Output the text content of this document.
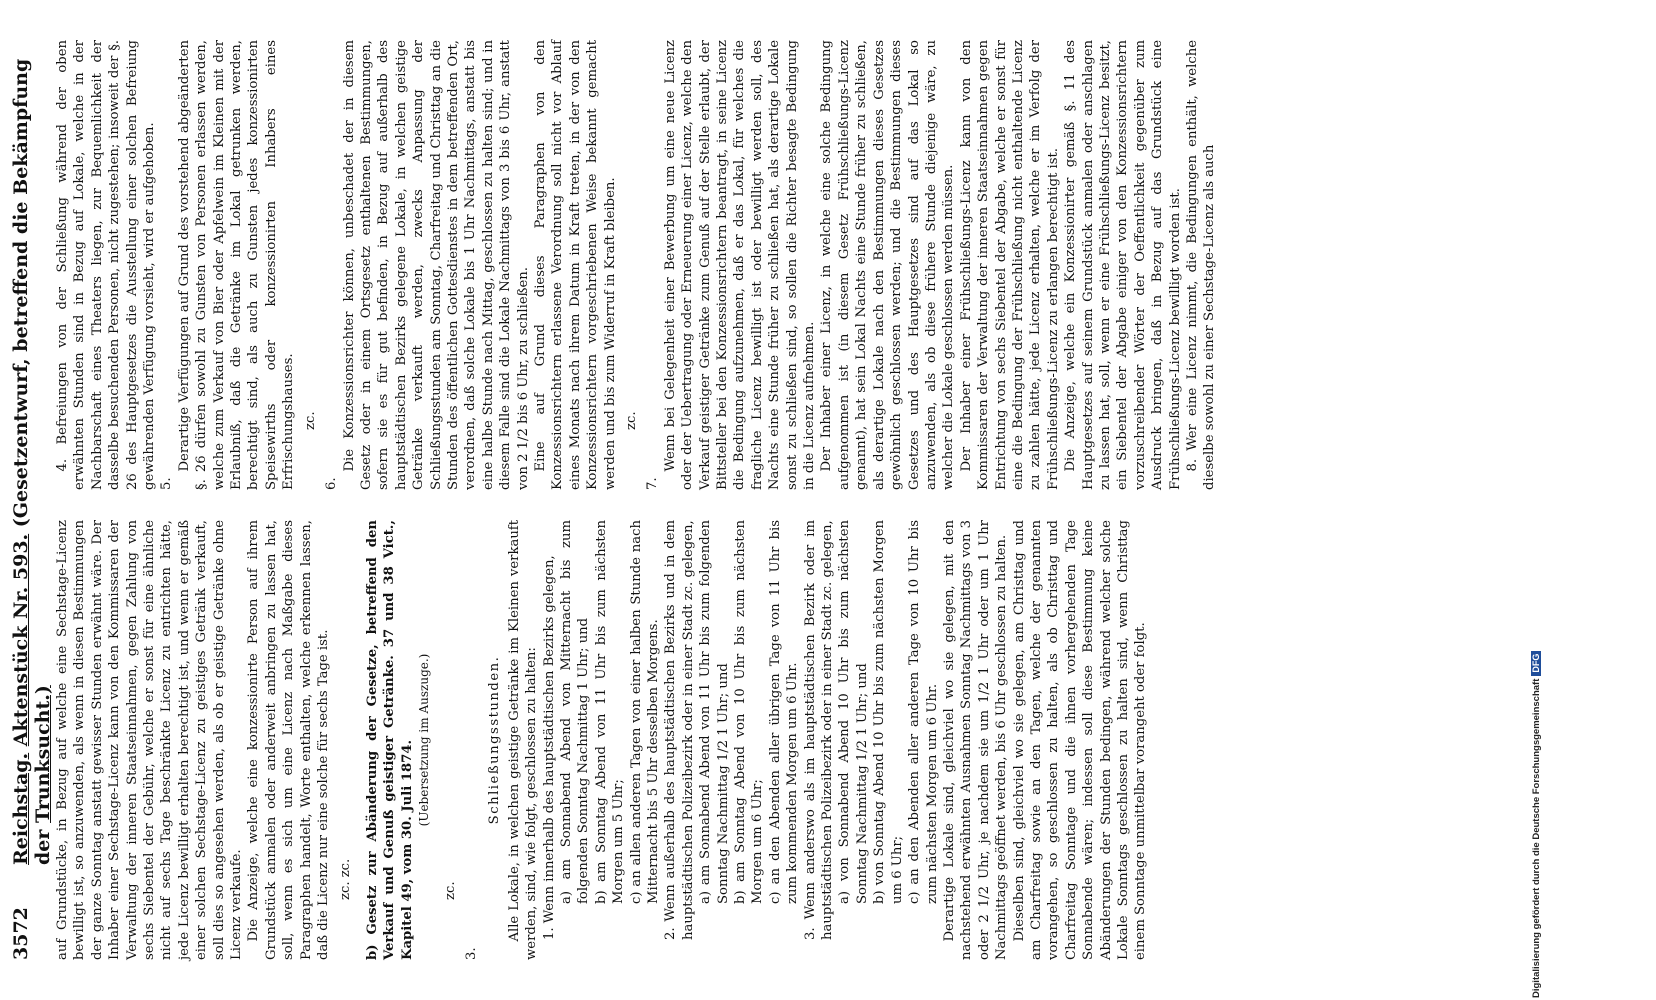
3572
Reichstag. Aktenstück Nr. 593. (Gesetzentwurf, betreffend die Bekämpfung der Trunksucht.) auf Grundstücke, in Bezug auf welche eine Sechstage-Licenz bewilligt ist, so anzuwenden, als wenn in diesen Bestimmungen der ganze Sonntag anstatt gewisser Stunden erwähnt wäre. Der Inhaber einer Sechstage-Licenz kann von den Kommissaren der Verwaltung der inneren Staatseinnahmen, gegen Zahlung von sechs Siebentel der Gebühr, welche er sonst für eine ähnliche nicht auf sechs Tage beschränkte Licenz zu entrichten hätte, jede Licenz bewilligt erhalten berechtigt ist, und wenn er gemäß einer solchen Sechstage-Licenz zu geistiges Getränk verkauft, soll dies so angesehen werden, als ob er geistige Getränke ohne Licenz verkaufe. Die Anzeige, welche eine konzessionirte Person auf ihrem Grundstück anmalen oder anderweit anbringen zu lassen hat, soll, wenn es sich um eine Licenz nach Maßgabe dieses Paragraphen handelt, Worte enthalten, welche erkennen lassen, daß die Licenz nur eine solche für sechs Tage ist. zc. zc. b) Gesetz zur Abänderung der Gesetze, betreffend den Verkauf und Genuß geistiger Getränke. 37 und 38 Vict., Kapitel 49, vom 30. Juli 1874. (Uebersetzung im Auszuge.)

zc.

3.

Schließungsstunden. Alle Lokale, in welchen geistige Getränke im Kleinen verkauft werden, sind, wie folgt, geschlossen zu halten: 1. Wenn innerhalb des hauptstädtischen Bezirks gelegen, a) am Sonnabend Abend von Mitternacht bis zum folgenden Sonntag Nachmittag 1 Uhr; und b) am Sonntag Abend von 11 Uhr bis zum nächsten Morgen um 5 Uhr; c) an allen anderen Tagen von einer halben Stunde nach Mitternacht bis 5 Uhr desselben Morgens. 2. Wenn außerhalb des hauptstädtischen Bezirks und in dem hauptstädtischen Polizeibezirk oder in einer Stadt zc. gelegen, a) am Sonnabend Abend von 11 Uhr bis zum folgenden Sonntag Nachmittag 1/2 1 Uhr; und b) am Sonntag Abend von 10 Uhr bis zum nächsten Morgen um 6 Uhr; c) an den Abenden aller übrigen Tage von 11 Uhr bis zum kommenden Morgen um 6 Uhr. 3. Wenn anderswo als im hauptstädtischen Bezirk oder im hauptstädtischen Polizeibezirk oder in einer Stadt zc. gelegen, a) von Sonnabend Abend 10 Uhr bis zum nächsten Sonntag Nachmittag 1/2 1 Uhr; und b) von Sonntag Abend 10 Uhr bis zum nächsten Morgen um 6 Uhr; c) an den Abenden aller anderen Tage von 10 Uhr bis zum nächsten Morgen um 6 Uhr. Derartige Lokale sind, gleichviel wo sie gelegen, mit den nachstehend erwähnten Ausnahmen Sonntag Nachmittags von 3 oder 2 1/2 Uhr, je nachdem sie um 1/2 1 Uhr oder um 1 Uhr Nachmittags geöffnet werden, bis 6 Uhr geschlossen zu halten. Dieselben sind, gleichviel wo sie gelegen, am Christtag und am Charfreitag sowie an den Tagen, welche der genannten vorangehen, so geschlossen zu halten, als ob Christtag und Charfreitag Sonntage und die ihnen vorhergehenden Tage Sonnabende wären; indessen soll diese Bestimmung keine Abänderungen der Stunden bedingen, während welcher solche Lokale Sonntags geschlossen zu halten sind, wenn Christtag einem Sonntage unmittelbar vorangeht oder folgt.

4. Befreiungen von der Schließung während der oben erwähnten Stunden sind in Bezug auf Lokale, welche in der Nachbarschaft eines Theaters liegen, zur Bequemlichkeit der dasselbe besuchenden Personen, nicht zugestehen; insoweit der §. 26 des Hauptgesetzes die Ausstellung einer solchen Befreiung gewährenden Verfügung vorsieht, wird er aufgehoben. 5.

Derartige Verfügungen auf Grund des vorstehend abgeänderten §. 26 dürfen sowohl zu Gunsten von Personen erlassen werden, welche zum Verkauf von Bier oder Apfelwein im Kleinen mit der Erlaubniß, daß die Getränke im Lokal getrunken werden, berechtigt sind, als auch zu Gunsten jedes konzessionirten Speisewirths oder konzessionirten Inhabers eines Erfrischungshauses. zc.

6.

Die Konzessionsrichter können, unbeschadet der in diesem Gesetz oder in einem Ortsgesetz enthaltenen Bestimmungen, sofern sie es für gut befinden, in Bezug auf außerhalb des hauptstädtischen Bezirks gelegene Lokale, in welchen geistige Getränke verkauft werden, zwecks Anpassung der Schließungsstunden am Sonntag, Charfreitag und Christtag an die Stunden des öffentlichen Gottesdienstes in dem betreffenden Ort, verordnen, daß solche Lokale bis 1 Uhr Nachmittags, anstatt bis eine halbe Stunde nach Mittag, geschlossen zu halten sind; und in diesem Falle sind die Lokale Nachmittags von 3 bis 6 Uhr, anstatt von 2 1/2 bis 6 Uhr, zu schließen. Eine auf Grund dieses Paragraphen von den Konzessionsrichtern erlassene Verordnung soll nicht vor Ablauf eines Monats nach ihrem Datum in Kraft treten, in der von den Konzessionsrichtern vorgeschriebenen Weise bekannt gemacht werden und bis zum Widerruf in Kraft bleiben. zc.

7.

Wenn bei Gelegenheit einer Bewerbung um eine neue Licenz oder der Uebertragung oder Erneuerung einer Licenz, welche den Verkauf geistiger Getränke zum Genuß auf der Stelle erlaubt, der Bittsteller bei den Konzessionsrichtern beantragt, in seine Licenz die Bedingung aufzunehmen, daß er das Lokal, für welches die fragliche Licenz bewilligt ist oder bewilligt werden soll, des Nachts eine Stunde früher zu schließen hat, als derartige Lokale sonst zu schließen sind, so sollen die Richter besagte Bedingung in die Licenz aufnehmen. Der Inhaber einer Licenz, in welche eine solche Bedingung aufgenommen ist (in diesem Gesetz Frühschließungs-Licenz genannt), hat sein Lokal Nachts eine Stunde früher zu schließen, als derartige Lokale nach den Bestimmungen dieses Gesetzes gewöhnlich geschlossen werden; und die Bestimmungen dieses Gesetzes und des Hauptgesetzes sind auf das Lokal so anzuwenden, als ob diese frühere Stunde diejenige wäre, zu welcher die Lokale geschlossen werden müssen. Der Inhaber einer Frühschließungs-Licenz kann von den Kommissaren der Verwaltung der inneren Staatseinnahmen gegen Entrichtung von sechs Siebentel der Abgabe, welche er sonst für eine die Bedingung der Frühschließung nicht enthaltende Licenz zu zahlen hätte, jede Licenz erhalten, welche er im Verfolg der Frühschließungs-Licenz zu erlangen berechtigt ist. Die Anzeige, welche ein Konzessionirter gemäß §. 11 des Hauptgesetzes auf seinem Grundstück anmalen oder anschlagen zu lassen hat, soll, wenn er eine Frühschließungs-Licenz besitzt, ein Siebentel der Abgabe einiger von den Konzessionsrichtern vorzuschreibender Wörter der Oeffentlichkeit gegenüber zum Ausdruck bringen, daß in Bezug auf das Grundstück eine Frühschließungs-Licenz bewilligt worden ist. 8. Wer eine Licenz nimmt, die Bedingungen enthält, welche dieselbe sowohl zu einer Sechstage-Licenz als auch

Digitalisierung gefördert durch die Deutsche Forschungsgemeinschaft
DFG
